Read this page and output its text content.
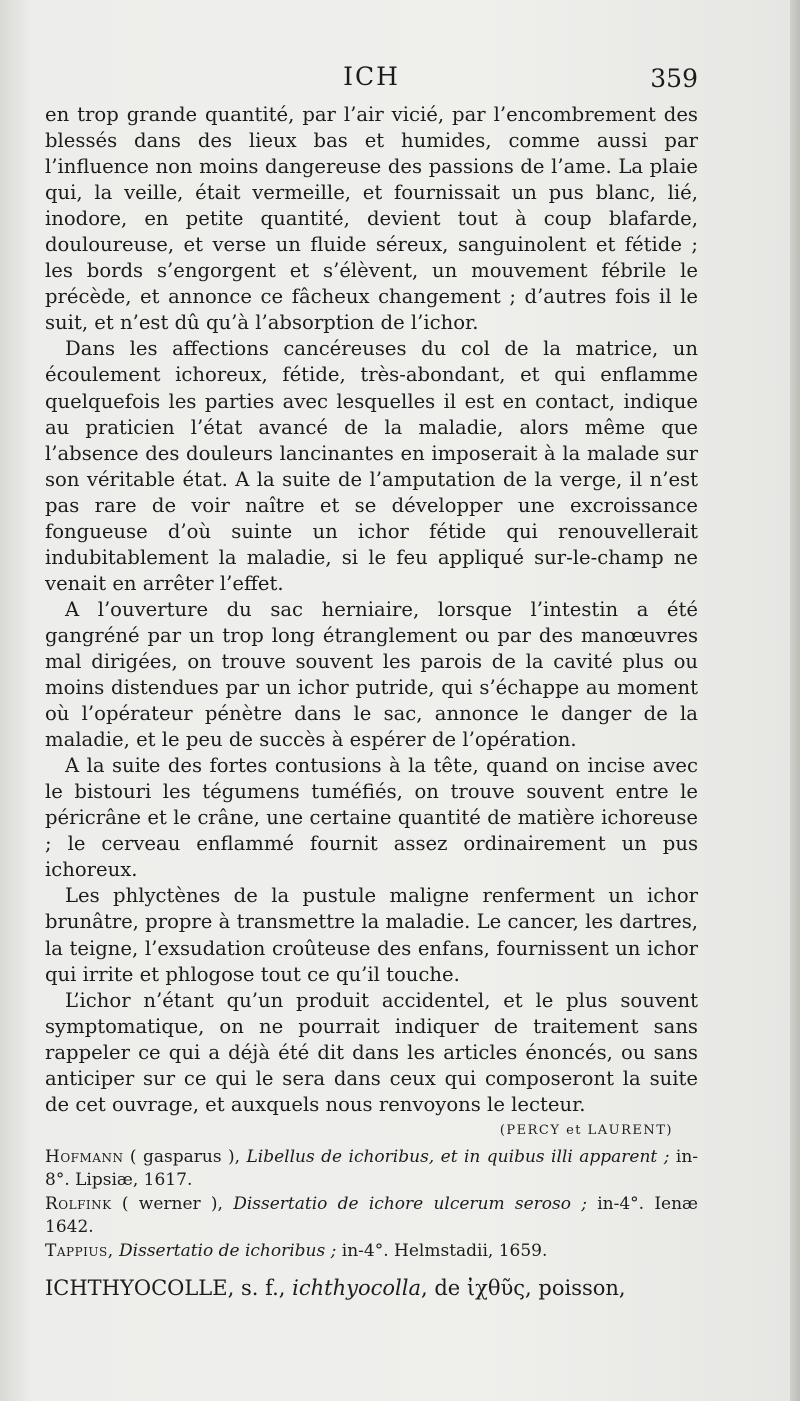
ICH	359

en trop grande quantité, par l’air vicié, par l’encombrement des blessés dans des lieux bas et humides, comme aussi par l’influence non moins dangereuse des passions de l’ame. La plaie qui, la veille, était vermeille, et fournissait un pus blanc, lié, inodore, en petite quantité, devient tout à coup blafarde, douloureuse, et verse un fluide séreux, sanguinolent et fétide ; les bords s’engorgent et s’élèvent, un mouvement fébrile le précède, et annonce ce fâcheux changement ; d’autres fois il le suit, et n’est dû qu’à l’absorption de l’ichor.

Dans les affections cancéreuses du col de la matrice, un écoulement ichoreux, fétide, très-abondant, et qui enflamme quelquefois les parties avec lesquelles il est en contact, indique au praticien l’état avancé de la maladie, alors même que l’absence des douleurs lancinantes en imposerait à la malade sur son véritable état. A la suite de l’amputation de la verge, il n’est pas rare de voir naître et se développer une excroissance fongueuse d’où suinte un ichor fétide qui renouvellerait indubitablement la maladie, si le feu appliqué sur-le-champ ne venait en arrêter l’effet.

A l’ouverture du sac herniaire, lorsque l’intestin a été gangréné par un trop long étranglement ou par des manœuvres mal dirigées, on trouve souvent les parois de la cavité plus ou moins distendues par un ichor putride, qui s’échappe au moment où l’opérateur pénètre dans le sac, annonce le danger de la maladie, et le peu de succès à espérer de l’opération.

A la suite des fortes contusions à la tête, quand on incise avec le bistouri les tégumens tuméfiés, on trouve souvent entre le péricrâne et le crâne, une certaine quantité de matière ichoreuse ; le cerveau enflammé fournit assez ordinairement un pus ichoreux.

Les phlyctènes de la pustule maligne renferment un ichor brunâtre, propre à transmettre la maladie. Le cancer, les dartres, la teigne, l’exsudation croûteuse des enfans, fournissent un ichor qui irrite et phlogose tout ce qu’il touche.

L’ichor n’étant qu’un produit accidentel, et le plus souvent symptomatique, on ne pourrait indiquer de traitement sans rappeler ce qui a déjà été dit dans les articles énoncés, ou sans anticiper sur ce qui le sera dans ceux qui composeront la suite de cet ouvrage, et auxquels nous renvoyons le lecteur.

(PERCY et LAURENT)

Hofmann ( gasparus ), Libellus de ichoribus, et in quibus illi apparent ; in-8°. Lipsiæ, 1617.

Rolfink ( werner ), Dissertatio de ichore ulcerum seroso ; in-4°. Ienæ 1642.

Tappius, Dissertatio de ichoribus ; in-4°. Helmstadii, 1659.

ICHTHYOCOLLE, s. f., ichthyocolla, de ἰχθῦς, poisson,
